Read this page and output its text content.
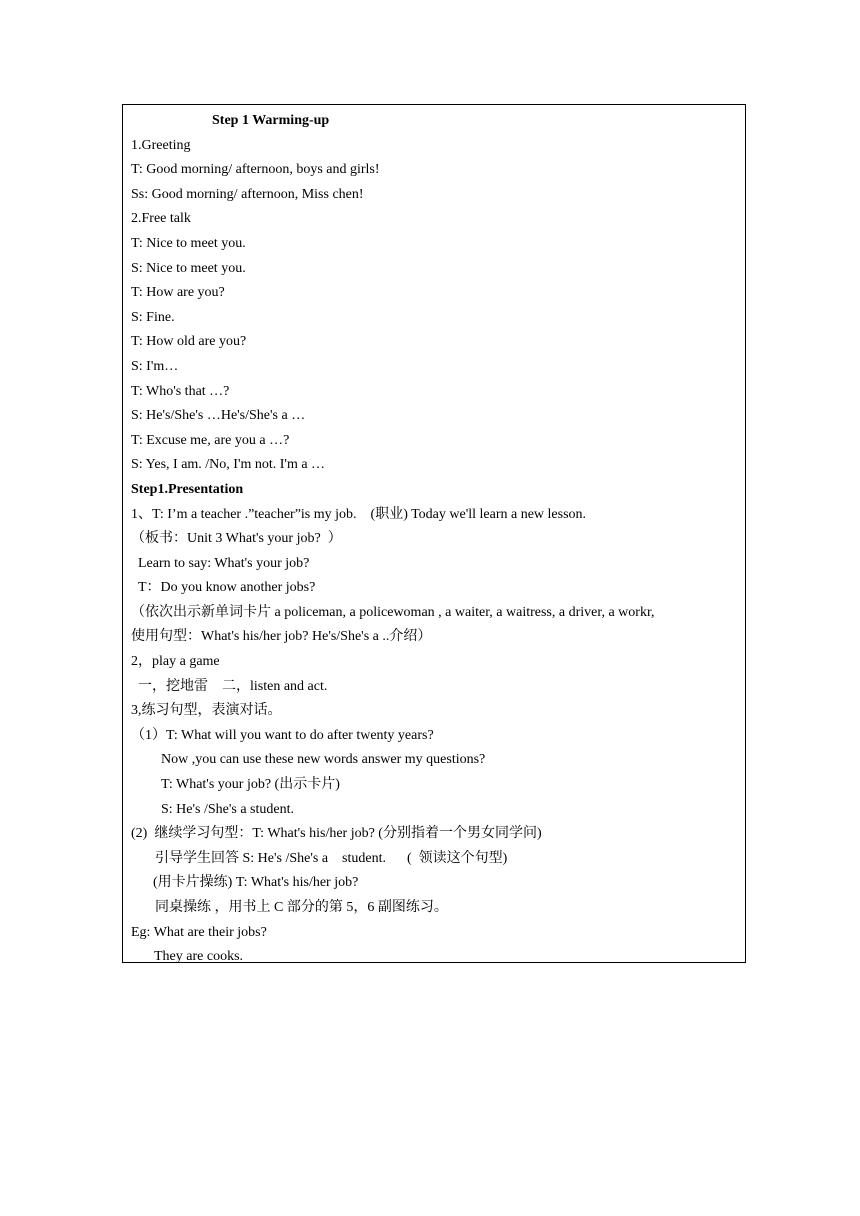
Step 1 Warming-up
1.Greeting
T: Good morning/ afternoon, boys and girls!
Ss: Good morning/ afternoon, Miss chen!
2.Free talk
T: Nice to meet you.
S: Nice to meet you.
T: How are you?
S: Fine.
T: How old are you?
S: I'm…
T: Who's that …?
S: He's/She's …He's/She's a …
T: Excuse me, are you a …?
S: Yes, I am. /No, I'm not. I'm a …
Step1.Presentation
1、T: I’m a teacher .”teacher”is my job.    (职业) Today we'll learn a new lesson.
（板书：Unit 3 What's your job?  ）
Learn to say: What's your job?
T：Do you know another jobs?
（依次出示新单词卡片 a policeman, a policewoman , a waiter, a waitress, a driver, a workr,
使用句型：What's his/her job? He's/She's a ..介绍）
2，play a game
一，挖地雷    二，listen and act.
3,练习句型，表演对话。
（1）T: What will you want to do after twenty years?
Now ,you can use these new words answer my questions?
T: What's your job? (出示卡片)
S: He's /She's a student.
(2)  继续学习句型：T: What's his/her job? (分别指着一个男女同学问)
引导学生回答 S: He's /She's a    student.      (  领读这个句型)
(用卡片操练) T: What's his/her job?
同桌操练 ，用书上 C 部分的第 5，6 副图练习。
Eg: What are their jobs?
They are cooks.
